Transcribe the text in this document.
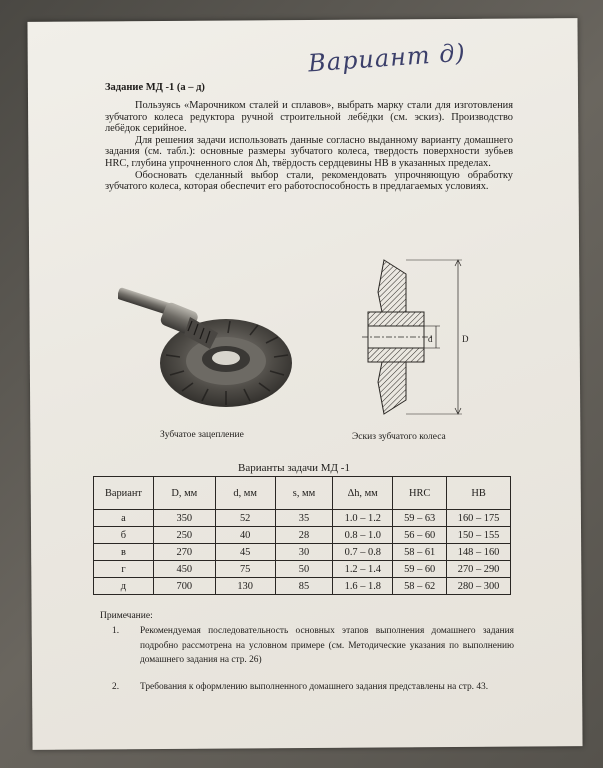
Вариант д)
Задание МД -1 (а – д)

Пользуясь «Марочником сталей и сплавов», выбрать марку стали для изготовления зубчатого колеса редуктора ручной строительной лебёдки (см. эскиз). Производство лебёдок серийное.

Для решения задачи использовать данные согласно выданному варианту домашнего задания (см. табл.): основные размеры зубчатого колеса, твердость поверхности зубьев HRC, глубина упрочненного слоя ∆h, твёрдость сердцевины НВ в указанных пределах.

Обосновать сделанный выбор стали, рекомендовать упрочняющую обработку зубчатого колеса, которая обеспечит его работоспособность в предлагаемых условиях.

d	D
Зубчатое зацепление	Эскиз зубчатого колеса
Варианты задачи МД -1
Вариант	D, мм	d, мм	s, мм	∆h, мм	HRC	HB
а	350	52	35	1.0 – 1.2	59 – 63	160 – 175
б	250	40	28	0.8 – 1.0	56 – 60	150 – 155
в	270	45	30	0.7 – 0.8	58 – 61	148 – 160
г	450	75	50	1.2 – 1.4	59 – 60	270 – 290
д	700	130	85	1.6 – 1.8	58 – 62	280 – 300
Примечание:
1.	Рекомендуемая последовательность основных этапов выполнения домашнего задания подробно рассмотрена на условном примере (см. Методические указания по выполнению домашнего задания на стр. 26)
2.	Требования к оформлению выполненного домашнего задания представлены на стр. 43.
